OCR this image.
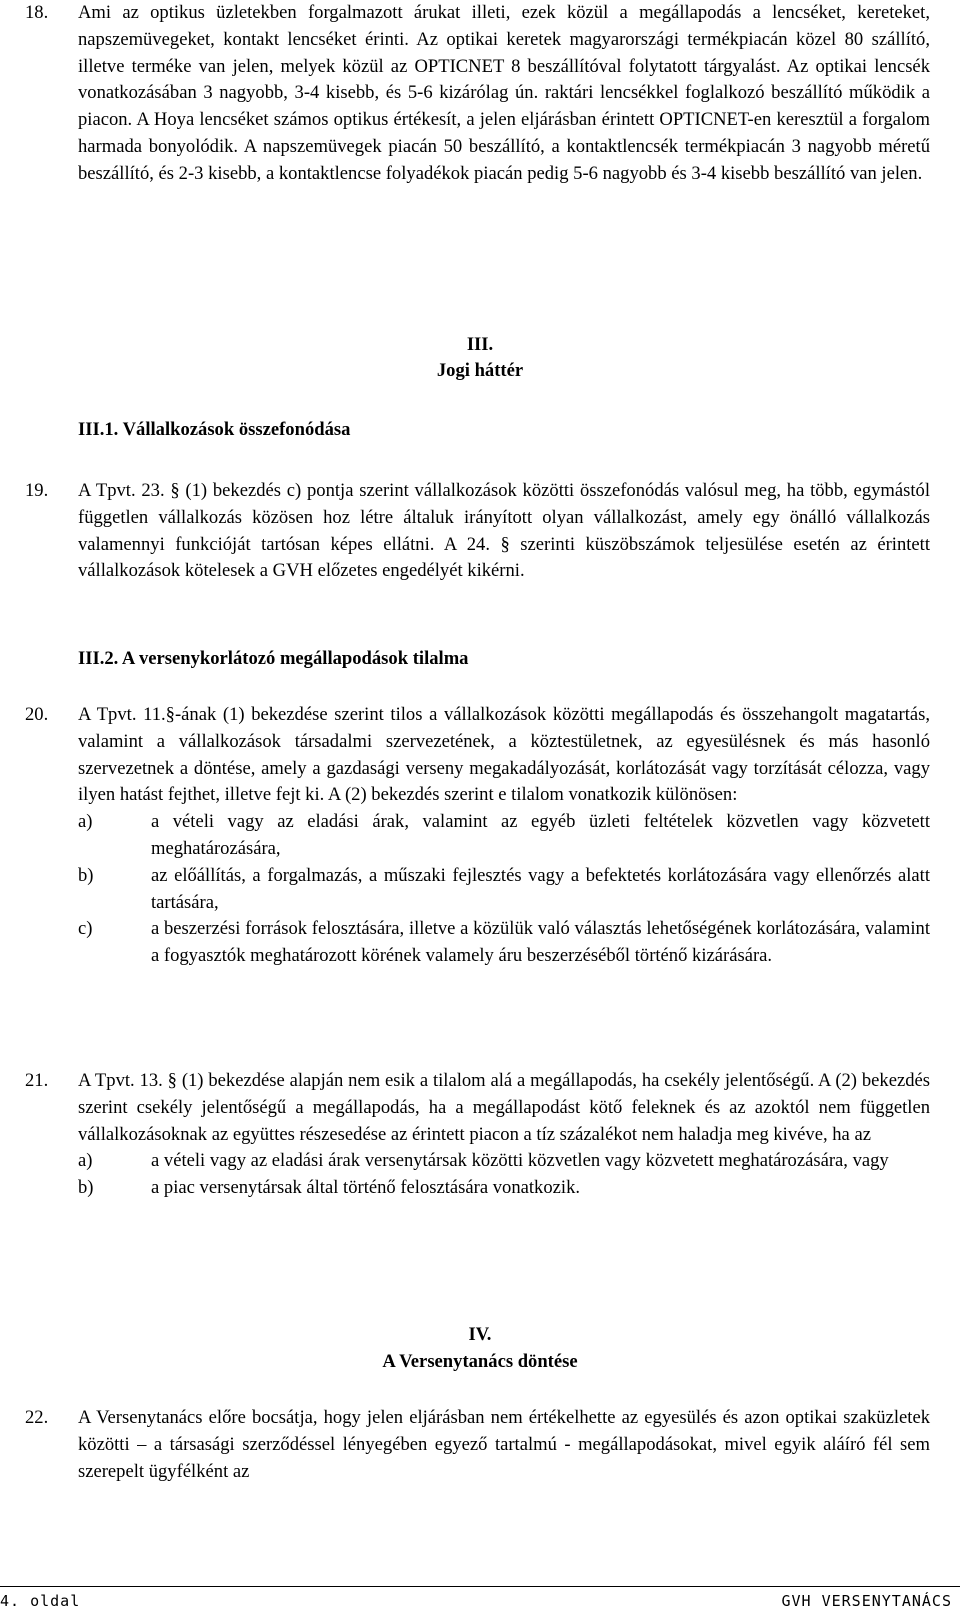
18. Ami az optikus üzletekben forgalmazott árukat illeti, ezek közül a megállapodás a lencséket, kereteket, napszemüvegeket, kontakt lencséket érinti. Az optikai keretek magyarországi termékpiacán közel 80 szállító, illetve terméke van jelen, melyek közül az OPTICNET 8 beszállítóval folytatott tárgyalást. Az optikai lencsék vonatkozásában 3 nagyobb, 3-4 kisebb, és 5-6 kizárólag ún. raktári lencsékkel foglalkozó beszállító működik a piacon. A Hoya lencséket számos optikus értékesít, a jelen eljárásban érintett OPTICNET-en keresztül a forgalom harmada bonyolódik. A napszemüvegek piacán 50 beszállító, a kontaktlencsék termékpiacán 3 nagyobb méretű beszállító, és 2-3 kisebb, a kontaktlencse folyadékok piacán pedig 5-6 nagyobb és 3-4 kisebb beszállító van jelen.
III.
Jogi háttér
III.1. Vállalkozások összefonódása
19. A Tpvt. 23. § (1) bekezdés c) pontja szerint vállalkozások közötti összefonódás valósul meg, ha több, egymástól független vállalkozás közösen hoz létre általuk irányított olyan vállalkozást, amely egy önálló vállalkozás valamennyi funkcióját tartósan képes ellátni. A 24. § szerinti küszöbszámok teljesülése esetén az érintett vállalkozások kötelesek a GVH előzetes engedélyét kikérni.
III.2. A versenykorlátozó megállapodások tilalma
20. A Tpvt. 11.§-ának (1) bekezdése szerint tilos a vállalkozások közötti megállapodás és összehangolt magatartás, valamint a vállalkozások társadalmi szervezetének, a köztestületnek, az egyesülésnek és más hasonló szervezetnek a döntése, amely a gazdasági verseny megakadályozását, korlátozását vagy torzítását célozza, vagy ilyen hatást fejthet, illetve fejt ki. A (2) bekezdés szerint e tilalom vonatkozik különösen:
a)	a vételi vagy az eladási árak, valamint az egyéb üzleti feltételek közvetlen vagy közvetett meghatározására,
b)	az előállítás, a forgalmazás, a műszaki fejlesztés vagy a befektetés korlátozására vagy ellenőrzés alatt tartására,
c)	a beszerzési források felosztására, illetve a közülük való választás lehetőségének korlátozására, valamint a fogyasztók meghatározott körének valamely áru beszerzéséből történő kizárására.
21. A Tpvt. 13. § (1) bekezdése alapján nem esik a tilalom alá a megállapodás, ha csekély jelentőségű. A (2) bekezdés szerint csekély jelentőségű a megállapodás, ha a megállapodást kötő feleknek és az azoktól nem független vállalkozásoknak az együttes részesedése az érintett piacon a tíz százalékot nem haladja meg kivéve, ha az
a)	a vételi vagy az eladási árak versenytársak közötti közvetlen vagy közvetett meghatározására, vagy
b)	a piac versenytársak által történő felosztására vonatkozik.
IV.
A Versenytanács döntése
22. A Versenytanács előre bocsátja, hogy jelen eljárásban nem értékelhette az egyesülés és azon optikai szaküzletek közötti – a társasági szerződéssel lényegében egyező tartalmú - megállapodásokat, mivel egyik aláíró fél sem szerepelt ügyfélként az
4. oldal	GVH VERSENYTANÁCS
